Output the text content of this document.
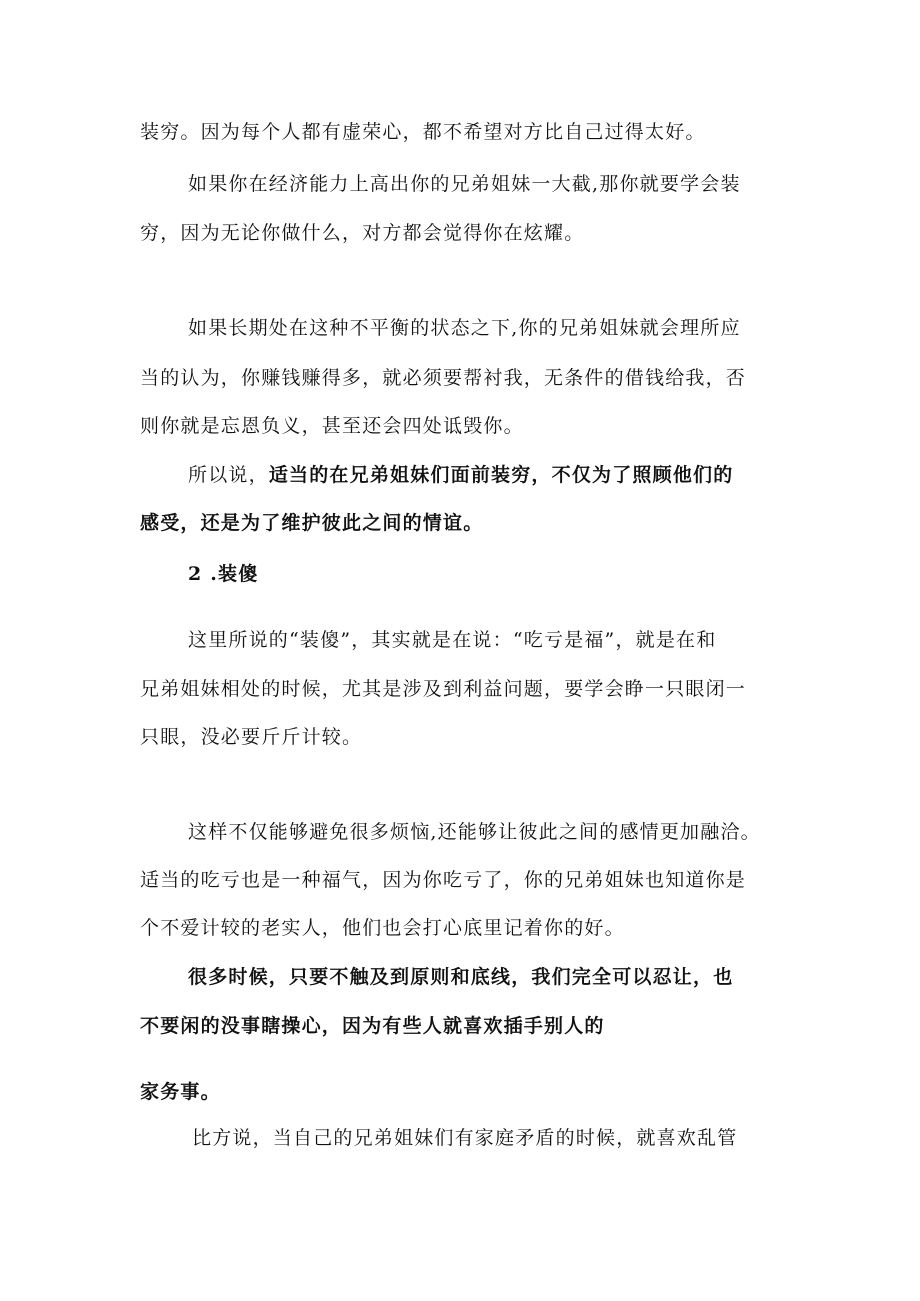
装穷。因为每个人都有虚荣心，都不希望对方比自己过得太好。
如果你在经济能力上高出你的兄弟姐妹一大截,那你就要学会装
穷，因为无论你做什么，对方都会觉得你在炫耀。
如果长期处在这种不平衡的状态之下,你的兄弟姐妹就会理所应
当的认为，你赚钱赚得多，就必须要帮衬我，无条件的借钱给我，否
则你就是忘恩负义，甚至还会四处诋毁你。
所以说，适当的在兄弟姐妹们面前装穷，不仅为了照顾他们的
感受，还是为了维护彼此之间的情谊。
2 .装傻
这里所说的“装傻”，其实就是在说：“吃亏是福”，就是在和
兄弟姐妹相处的时候，尤其是涉及到利益问题，要学会睁一只眼闭一
只眼，没必要斤斤计较。
这样不仅能够避免很多烦恼,还能够让彼此之间的感情更加融洽。
适当的吃亏也是一种福气，因为你吃亏了，你的兄弟姐妹也知道你是
个不爱计较的老实人，他们也会打心底里记着你的好。
很多时候，只要不触及到原则和底线，我们完全可以忍让，也
不要闲的没事瞎操心，因为有些人就喜欢插手别人的
家务事。
比方说，当自己的兄弟姐妹们有家庭矛盾的时候，就喜欢乱管
